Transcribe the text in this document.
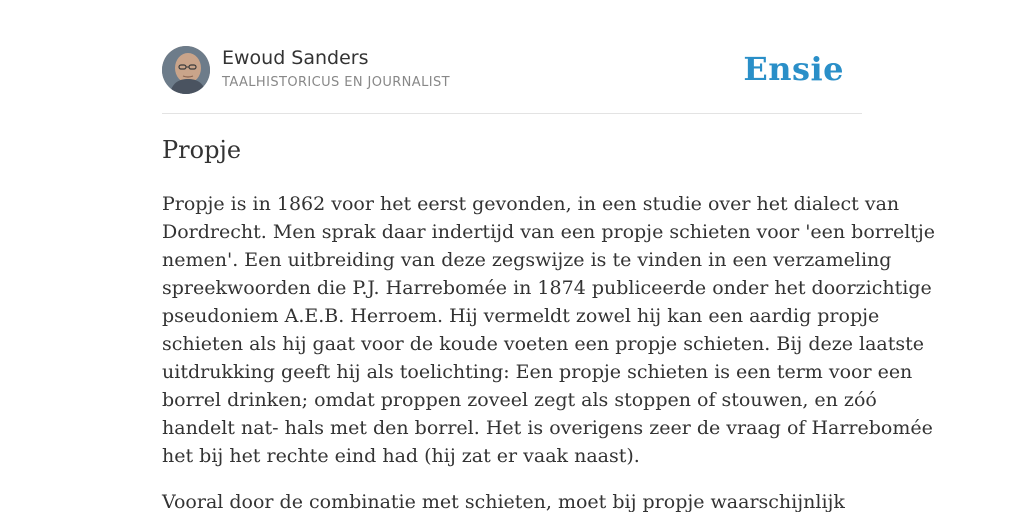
Ewoud Sanders
TAALHISTORICUS EN JOURNALIST	Ensie
Propje

Propje is in 1862 voor het eerst gevonden, in een studie over het dialect van
Dordrecht. Men sprak daar indertijd van een propje schieten voor 'een borreltje
nemen'. Een uitbreiding van deze zegswijze is te vinden in een verzameling
spreekwoorden die P.J. Harrebomée in 1874 publiceerde onder het doorzichtige
pseudoniem A.E.B. Herroem. Hij vermeldt zowel hij kan een aardig propje
schieten als hij gaat voor de koude voeten een propje schieten. Bij deze laatste
uitdrukking geeft hij als toelichting: Een propje schieten is een term voor een
borrel drinken; omdat proppen zoveel zegt als stoppen of stouwen, en zóó
handelt nat- hals met den borrel. Het is overigens zeer de vraag of Harrebomée
het bij het rechte eind had (hij zat er vaak naast).

Vooral door de combinatie met schieten, moet bij propje waarschijnlijk
